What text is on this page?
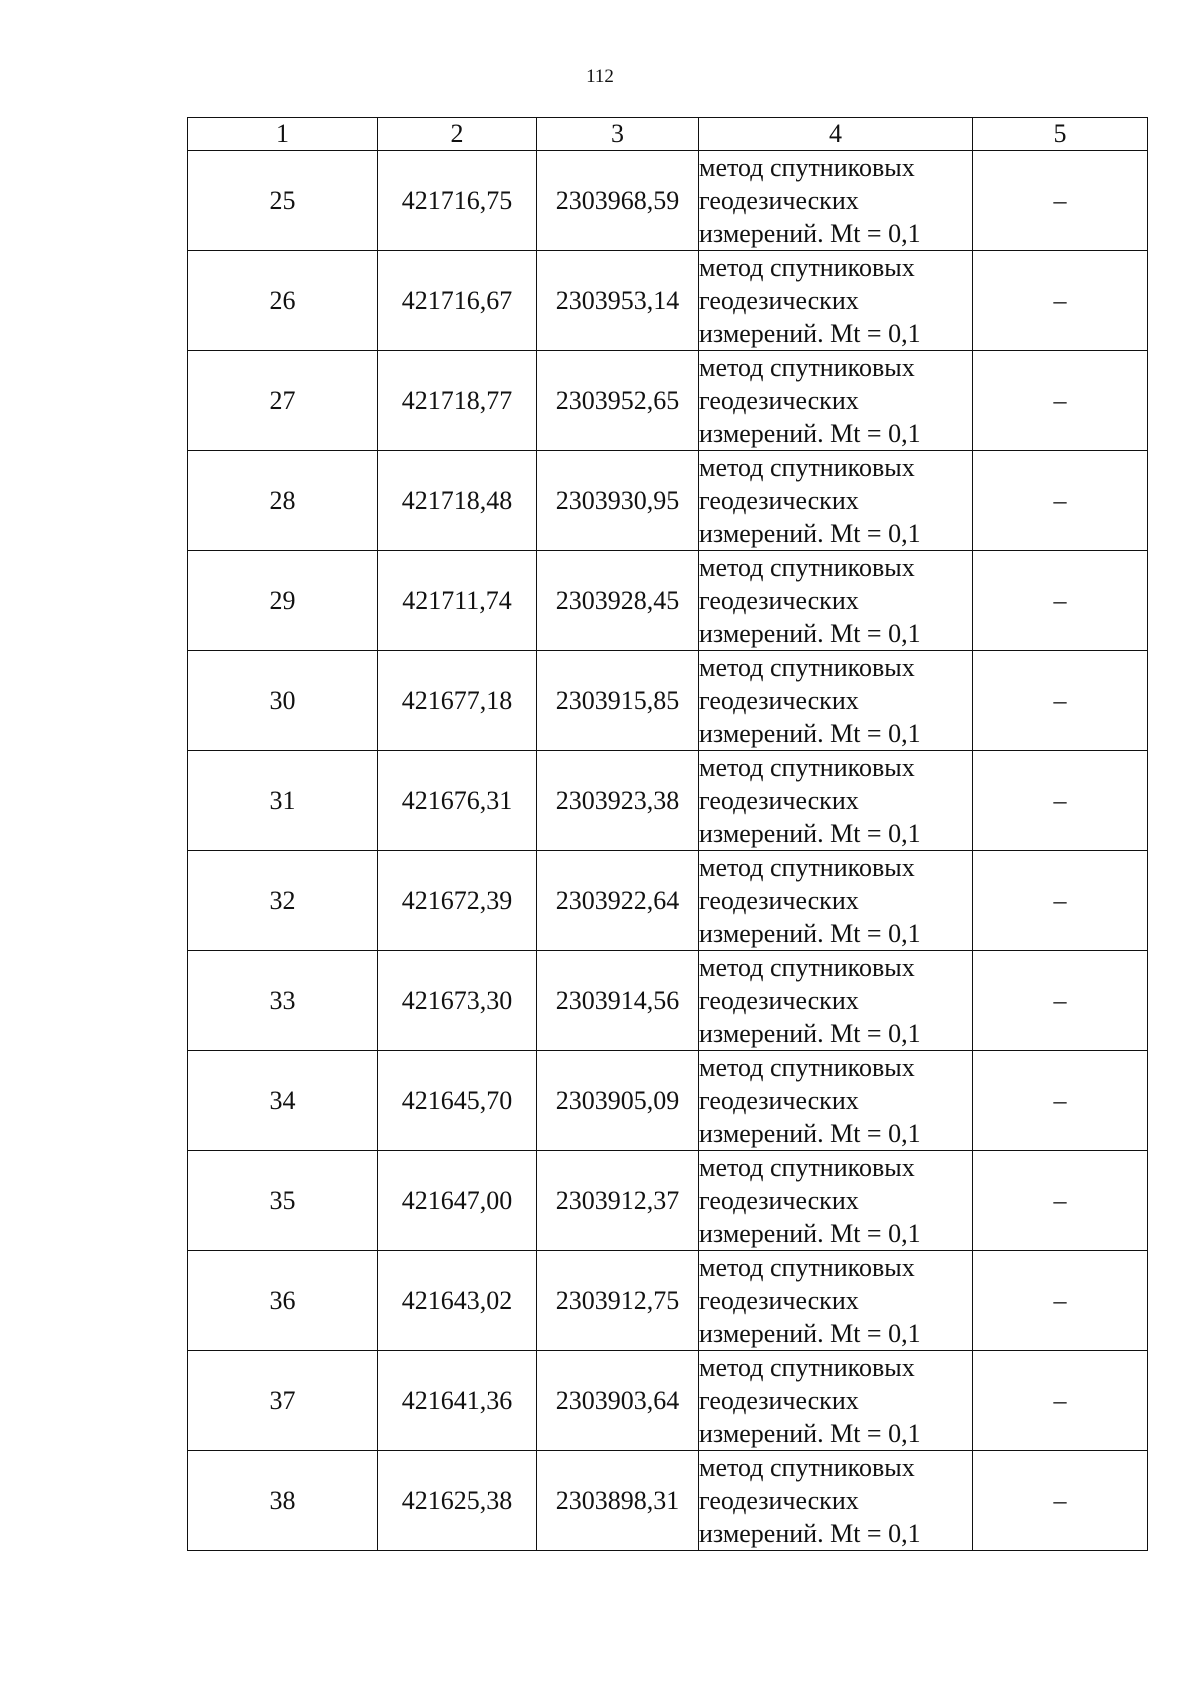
112
1	2	3	4	5
25	421716,75	2303968,59	метод спутниковых
геодезических
измерений. Mt = 0,1	–
26	421716,67	2303953,14	метод спутниковых
геодезических
измерений. Mt = 0,1	–
27	421718,77	2303952,65	метод спутниковых
геодезических
измерений. Mt = 0,1	–
28	421718,48	2303930,95	метод спутниковых
геодезических
измерений. Mt = 0,1	–
29	421711,74	2303928,45	метод спутниковых
геодезических
измерений. Mt = 0,1	–
30	421677,18	2303915,85	метод спутниковых
геодезических
измерений. Mt = 0,1	–
31	421676,31	2303923,38	метод спутниковых
геодезических
измерений. Mt = 0,1	–
32	421672,39	2303922,64	метод спутниковых
геодезических
измерений. Mt = 0,1	–
33	421673,30	2303914,56	метод спутниковых
геодезических
измерений. Mt = 0,1	–
34	421645,70	2303905,09	метод спутниковых
геодезических
измерений. Mt = 0,1	–
35	421647,00	2303912,37	метод спутниковых
геодезических
измерений. Mt = 0,1	–
36	421643,02	2303912,75	метод спутниковых
геодезических
измерений. Mt = 0,1	–
37	421641,36	2303903,64	метод спутниковых
геодезических
измерений. Mt = 0,1	–
38	421625,38	2303898,31	метод спутниковых
геодезических
измерений. Mt = 0,1	–
